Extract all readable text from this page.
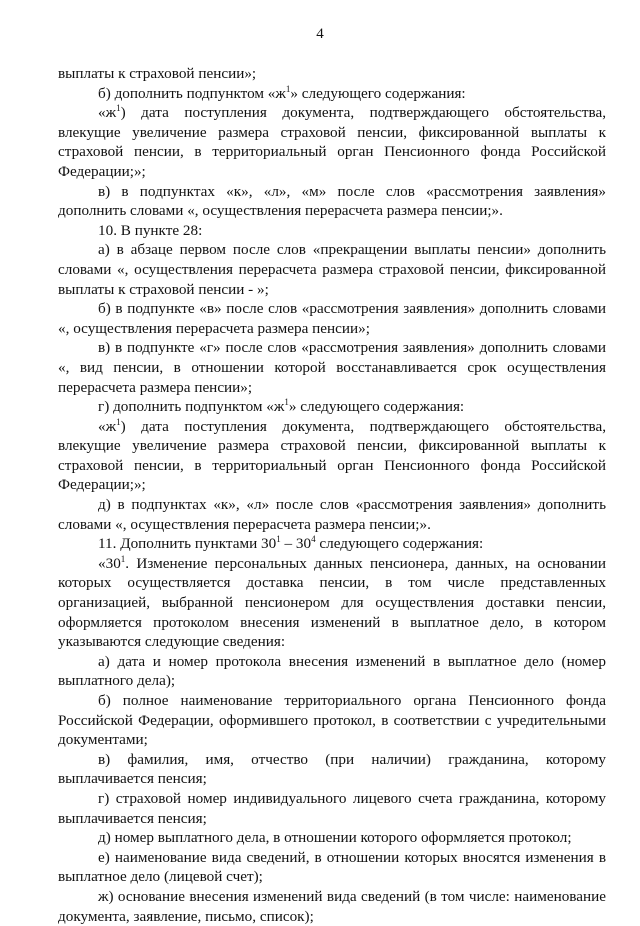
4

выплаты к страховой пенсии»;

б) дополнить подпунктом «$ж^1$» следующего содержания:

«$ж^1$) дата поступления документа, подтверждающего обстоятельства, влекущие увеличение размера страховой пенсии, фиксированной выплаты к страховой пенсии, в территориальный орган Пенсионного фонда Российской Федерации;»;

в) в подпунктах «к», «л», «м» после слов «рассмотрения заявления» дополнить словами «, осуществления перерасчета размера пенсии;».

10. В пункте 28:

а) в абзаце первом после слов «прекращении выплаты пенсии» дополнить словами «, осуществления перерасчета размера страховой пенсии, фиксированной выплаты к страховой пенсии - »;

б) в подпункте «в» после слов «рассмотрения заявления» дополнить словами «, осуществления перерасчета размера пенсии»;

в) в подпункте «г» после слов «рассмотрения заявления» дополнить словами «, вид пенсии, в отношении которой восстанавливается срок осуществления перерасчета размера пенсии»;

г) дополнить подпунктом «$ж^1$» следующего содержания:

«$ж^1$) дата поступления документа, подтверждающего обстоятельства, влекущие увеличение размера страховой пенсии, фиксированной выплаты к страховой пенсии, в территориальный орган Пенсионного фонда Российской Федерации;»;

д) в подпунктах «к», «л» после слов «рассмотрения заявления» дополнить словами «, осуществления перерасчета размера пенсии;».

11. Дополнить пунктами $30^1 - 30^4$ следующего содержания:

«$30^1$. Изменение персональных данных пенсионера, данных, на основании которых осуществляется доставка пенсии, в том числе представленных организацией, выбранной пенсионером для осуществления доставки пенсии, оформляется протоколом внесения изменений в выплатное дело, в котором указываются следующие сведения:

а) дата и номер протокола внесения изменений в выплатное дело (номер выплатного дела);

б) полное наименование территориального органа Пенсионного фонда Российской Федерации, оформившего протокол, в соответствии с учредительными документами;

в) фамилия, имя, отчество (при наличии) гражданина, которому выплачивается пенсия;

г) страховой номер индивидуального лицевого счета гражданина, которому выплачивается пенсия;

д) номер выплатного дела, в отношении которого оформляется протокол;

е) наименование вида сведений, в отношении которых вносятся изменения в выплатное дело (лицевой счет);

ж) основание внесения изменений вида сведений (в том числе: наименование документа, заявление, письмо, список);
